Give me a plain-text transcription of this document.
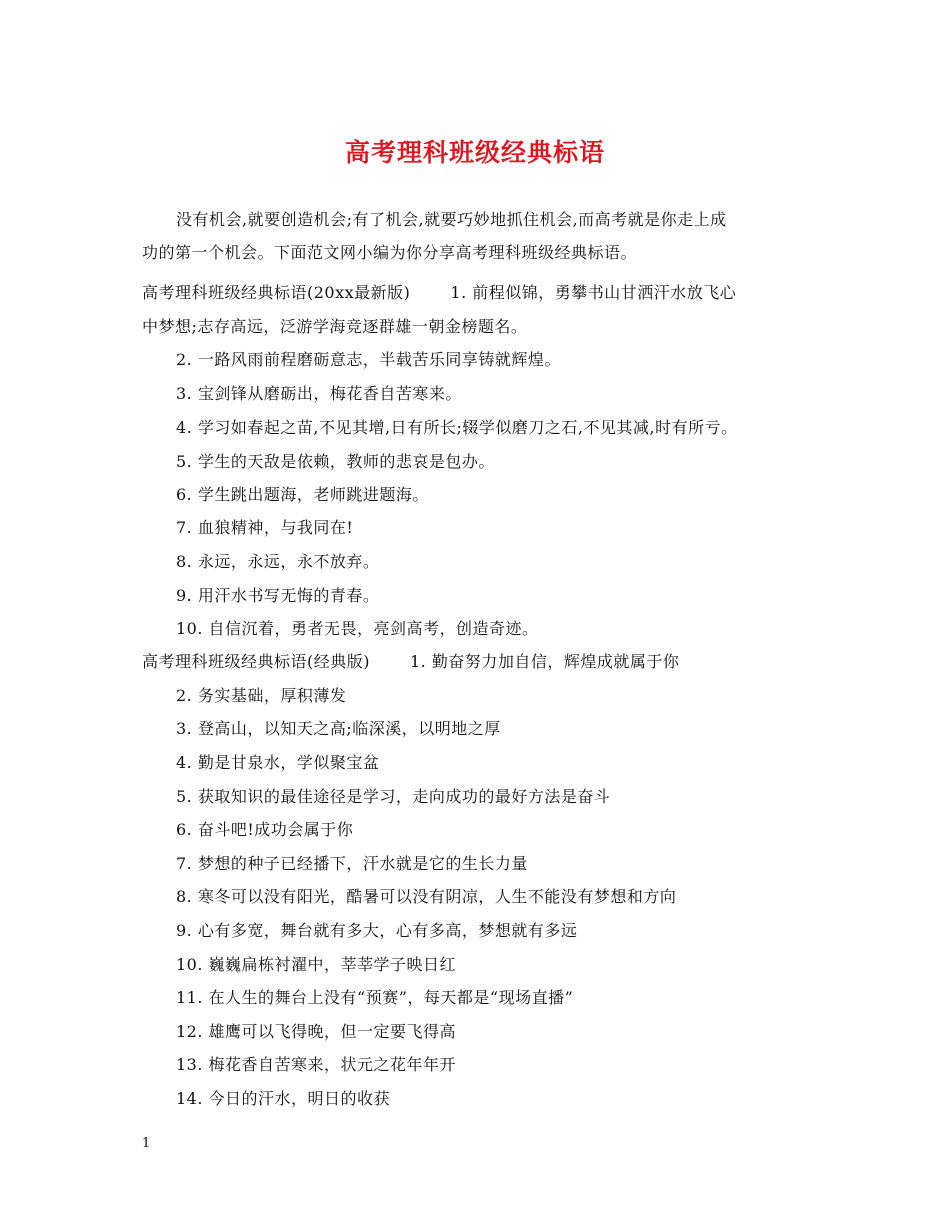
高考理科班级经典标语
没有机会,就要创造机会;有了机会,就要巧妙地抓住机会,而高考就是你走上成
功的第一个机会。下面范文网小编为你分享高考理科班级经典标语。
高考理科班级经典标语(20xx最新版)	1. 前程似锦，勇攀书山甘洒汗水放飞心
中梦想;志存高远，泛游学海竞逐群雄一朝金榜题名。
2. 一路风雨前程磨砺意志，半载苦乐同享铸就辉煌。
3. 宝剑锋从磨砺出，梅花香自苦寒来。
4. 学习如春起之苗,不见其增,日有所长;辍学似磨刀之石,不见其减,时有所亏。
5. 学生的天敌是依赖，教师的悲哀是包办。
6. 学生跳出题海，老师跳进题海。
7. 血狼精神，与我同在!
8. 永远，永远，永不放弃。
9. 用汗水书写无悔的青春。
10. 自信沉着，勇者无畏，亮剑高考，创造奇迹。
高考理科班级经典标语(经典版)	1. 勤奋努力加自信，辉煌成就属于你
2. 务实基础，厚积薄发
3. 登高山，以知天之高;临深溪，以明地之厚
4. 勤是甘泉水，学似聚宝盆
5. 获取知识的最佳途径是学习，走向成功的最好方法是奋斗
6. 奋斗吧!成功会属于你
7. 梦想的种子已经播下，汗水就是它的生长力量
8. 寒冬可以没有阳光，酷暑可以没有阴凉，人生不能没有梦想和方向
9. 心有多宽，舞台就有多大，心有多高，梦想就有多远
10. 巍巍扁栋衬濯中，莘莘学子映日红
11. 在人生的舞台上没有“预赛”，每天都是“现场直播”
12. 雄鹰可以飞得晚，但一定要飞得高
13. 梅花香自苦寒来，状元之花年年开
14. 今日的汗水，明日的收获
1
